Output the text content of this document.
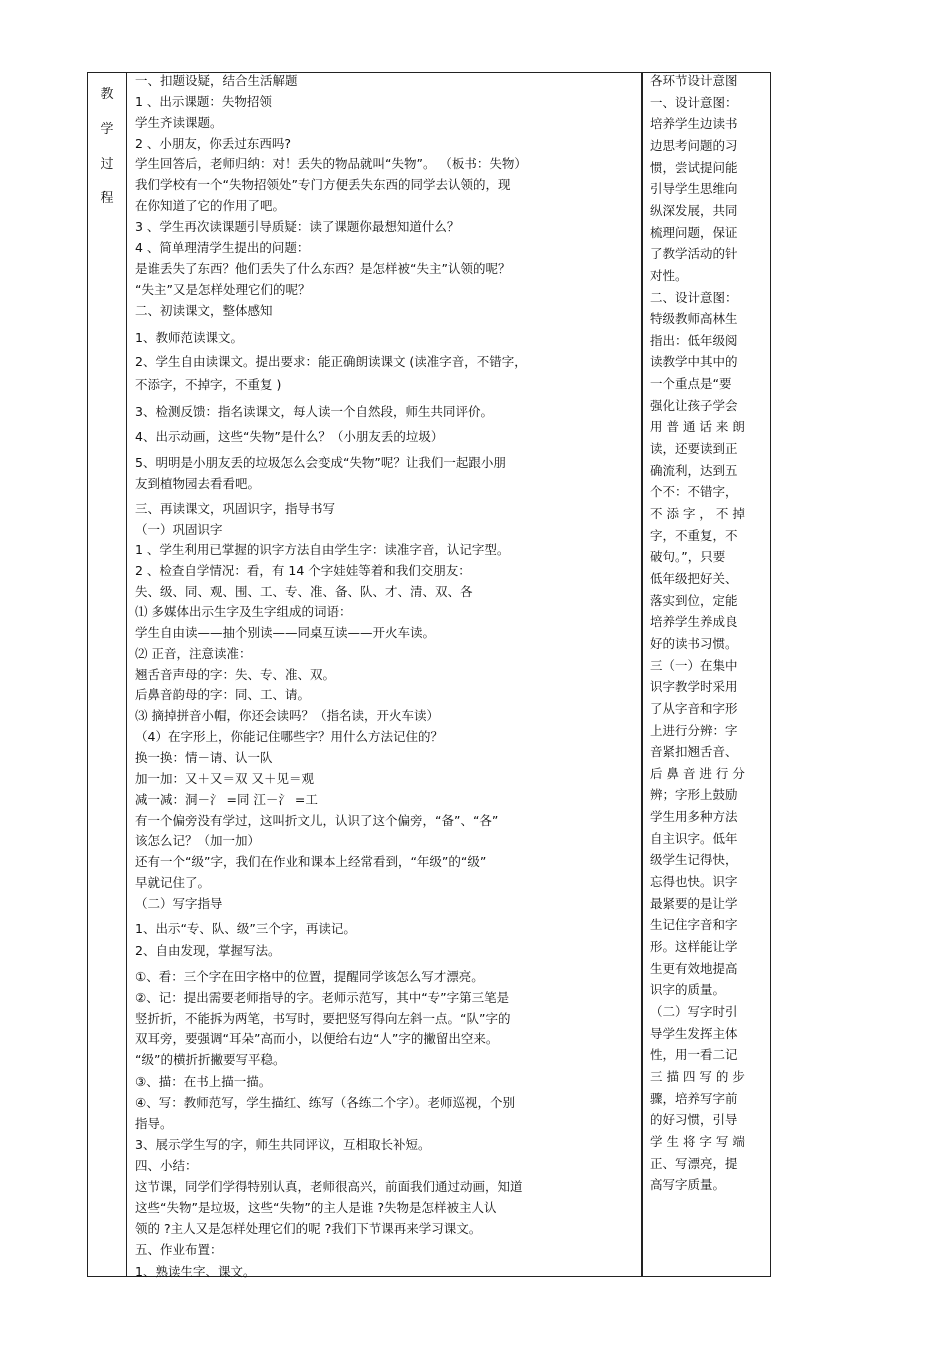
教
学
过
程
一、扣题设疑，结合生活解题
1 、出示课题：失物招领
学生齐读课题。
2 、小朋友，你丢过东西吗?
学生回答后，老师归纳：对！丢失的物品就叫“失物”。 （板书：失物）
我们学校有一个“失物招领处”专门方便丢失东西的同学去认领的，现
在你知道了它的作用了吧。
3 、学生再次读课题引导质疑：读了课题你最想知道什么？
4 、简单理清学生提出的问题：
是谁丢失了东西？他们丢失了什么东西？是怎样被“失主”认领的呢？
“失主”又是怎样处理它们的呢？
二、初读课文，整体感知
1、教师范读课文。
2、学生自由读课文。提出要求：能正确朗读课文 (读准字音，不错字，
不添字，不掉字，不重复 )
3、检测反馈：指名读课文，每人读一个自然段，师生共同评价。
4、出示动画，这些“失物”是什么？（小朋友丢的垃圾）
5、明明是小朋友丢的垃圾怎么会变成“失物”呢？让我们一起跟小朋
友到植物园去看看吧。
三、再读课文，巩固识字，指导书写
（一）巩固识字
1 、学生利用已掌握的识字方法自由学生字：读准字音，认记字型。
2 、检查自学情况：看，有 14 个字娃娃等着和我们交朋友：
失、级、同、观、围、工、专、准、备、队、才、清、双、各
⑴ 多媒体出示生字及生字组成的词语：
学生自由读——抽个别读——同桌互读——开火车读。
⑵ 正音，注意读准：
翘舌音声母的字：失、专、准、双。
后鼻音韵母的字：同、工、请。
⑶ 摘掉拼音小帽，你还会读吗？（指名读，开火车读）
（4）在字形上，你能记住哪些字？用什么方法记住的？
换一换：情－请、认一队
加一加：又＋又＝双 又＋见＝观
减一减：洞－氵 =同 江－氵 =工
有一个偏旁没有学过，这叫折文儿，认识了这个偏旁，“备”、“各”
该怎么记？（加一加）
还有一个“级”字，我们在作业和课本上经常看到，“年级”的“级”
早就记住了。
（二）写字指导
1、出示“专、队、级”三个字，再读记。
2、自由发现，掌握写法。
①、看：三个字在田字格中的位置，提醒同学该怎么写才漂亮。
②、记：提出需要老师指导的字。老师示范写，其中“专”字第三笔是
竖折折，不能拆为两笔，书写时，要把竖写得向左斜一点。“队”字的
双耳旁，要强调“耳朵”高而小，以便给右边“人”字的撇留出空来。
“级”的横折折撇要写平稳。
③、描：在书上描一描。
④、写：教师范写，学生描红、练写（各练二个字）。老师巡视，个别
指导。
3、展示学生写的字，师生共同评议，互相取长补短。
四、小结：
这节课，同学们学得特别认真，老师很高兴，前面我们通过动画，知道
这些“失物”是垃圾，这些“失物”的主人是谁 ?失物是怎样被主人认
领的 ?主人又是怎样处理它们的呢 ?我们下节课再来学习课文。
五、作业布置：
1、熟读生字、课文。
各环节设计意图
一、设计意图：
培养学生边读书
边思考问题的习
惯，尝试提问能
引导学生思维向
纵深发展，共同
梳理问题，保证
了教学活动的针
对性。
二、设计意图：
特级教师高林生
指出：低年级阅
读教学中其中的
一个重点是“要
强化让孩子学会
用 普 通 话 来 朗
读，还要读到正
确流利，达到五
个不：不错字，
不 添 字 ， 不 掉
字，不重复，不
破句。”，只要
低年级把好关、
落实到位，定能
培养学生养成良
好的读书习惯。
三（一）在集中
识字教学时采用
了从字音和字形
上进行分辨：字
音紧扣翘舌音、
后 鼻 音 进 行 分
辨；字形上鼓励
学生用多种方法
自主识字。低年
级学生记得快，
忘得也快。识字
最紧要的是让学
生记住字音和字
形。这样能让学
生更有效地提高
识字的质量。
（二）写字时引
导学生发挥主体
性，用一看二记
三 描 四 写 的 步
骤，培养写字前
的好习惯，引导
学 生 将 字 写 端
正、写漂亮，提
高写字质量。
